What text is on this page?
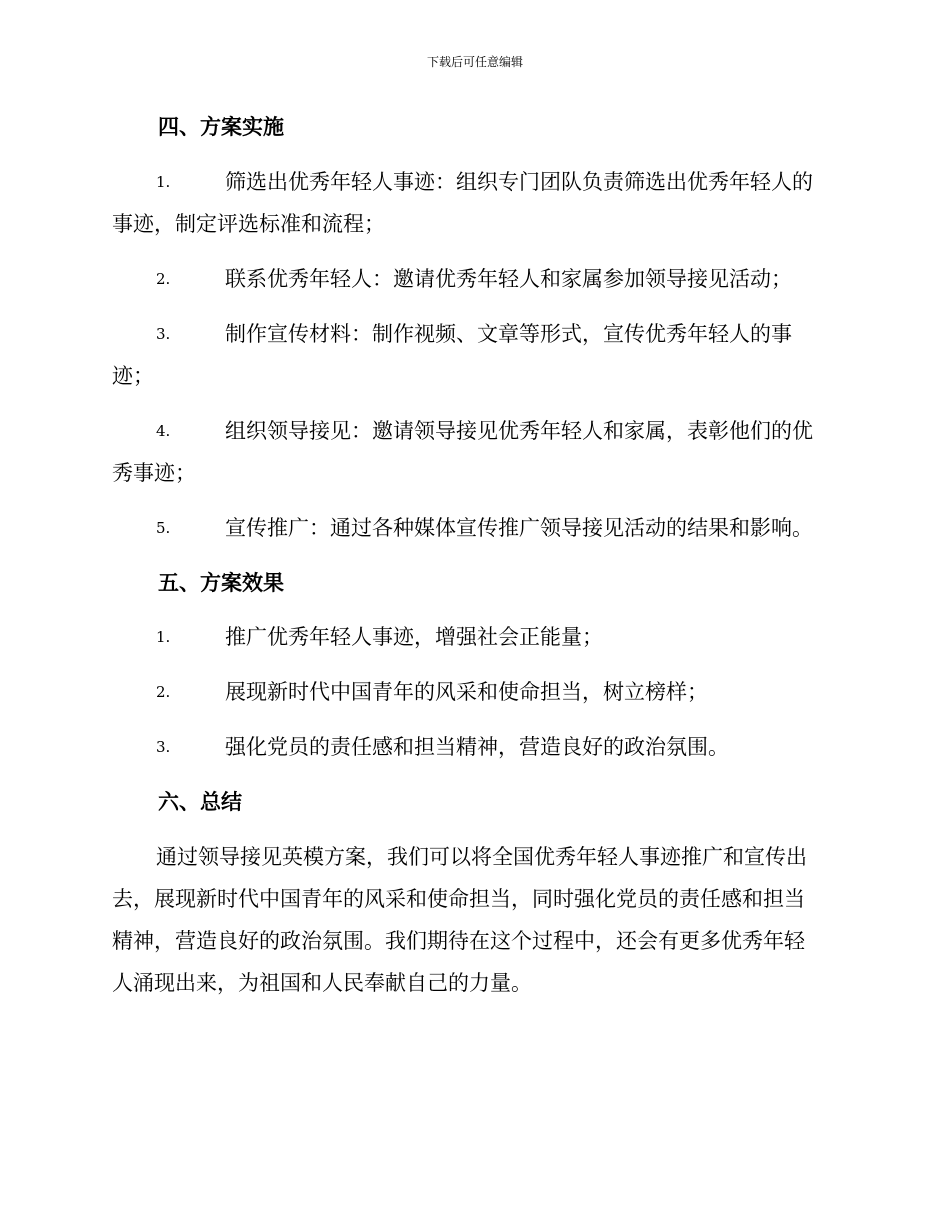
下载后可任意编辑
四、方案实施
1.	筛选出优秀年轻人事迹：组织专门团队负责筛选出优秀年轻人的
事迹，制定评选标准和流程；
2.	联系优秀年轻人：邀请优秀年轻人和家属参加领导接见活动；
3.	制作宣传材料：制作视频、文章等形式，宣传优秀年轻人的事
迹；
4.	组织领导接见：邀请领导接见优秀年轻人和家属，表彰他们的优
秀事迹；
5.	宣传推广：通过各种媒体宣传推广领导接见活动的结果和影响。
五、方案效果
1.	推广优秀年轻人事迹，增强社会正能量；
2.	展现新时代中国青年的风采和使命担当，树立榜样；
3.	强化党员的责任感和担当精神，营造良好的政治氛围。
六、总结
通过领导接见英模方案，我们可以将全国优秀年轻人事迹推广和宣传出
去，展现新时代中国青年的风采和使命担当，同时强化党员的责任感和担当
精神，营造良好的政治氛围。我们期待在这个过程中，还会有更多优秀年轻
人涌现出来，为祖国和人民奉献自己的力量。
